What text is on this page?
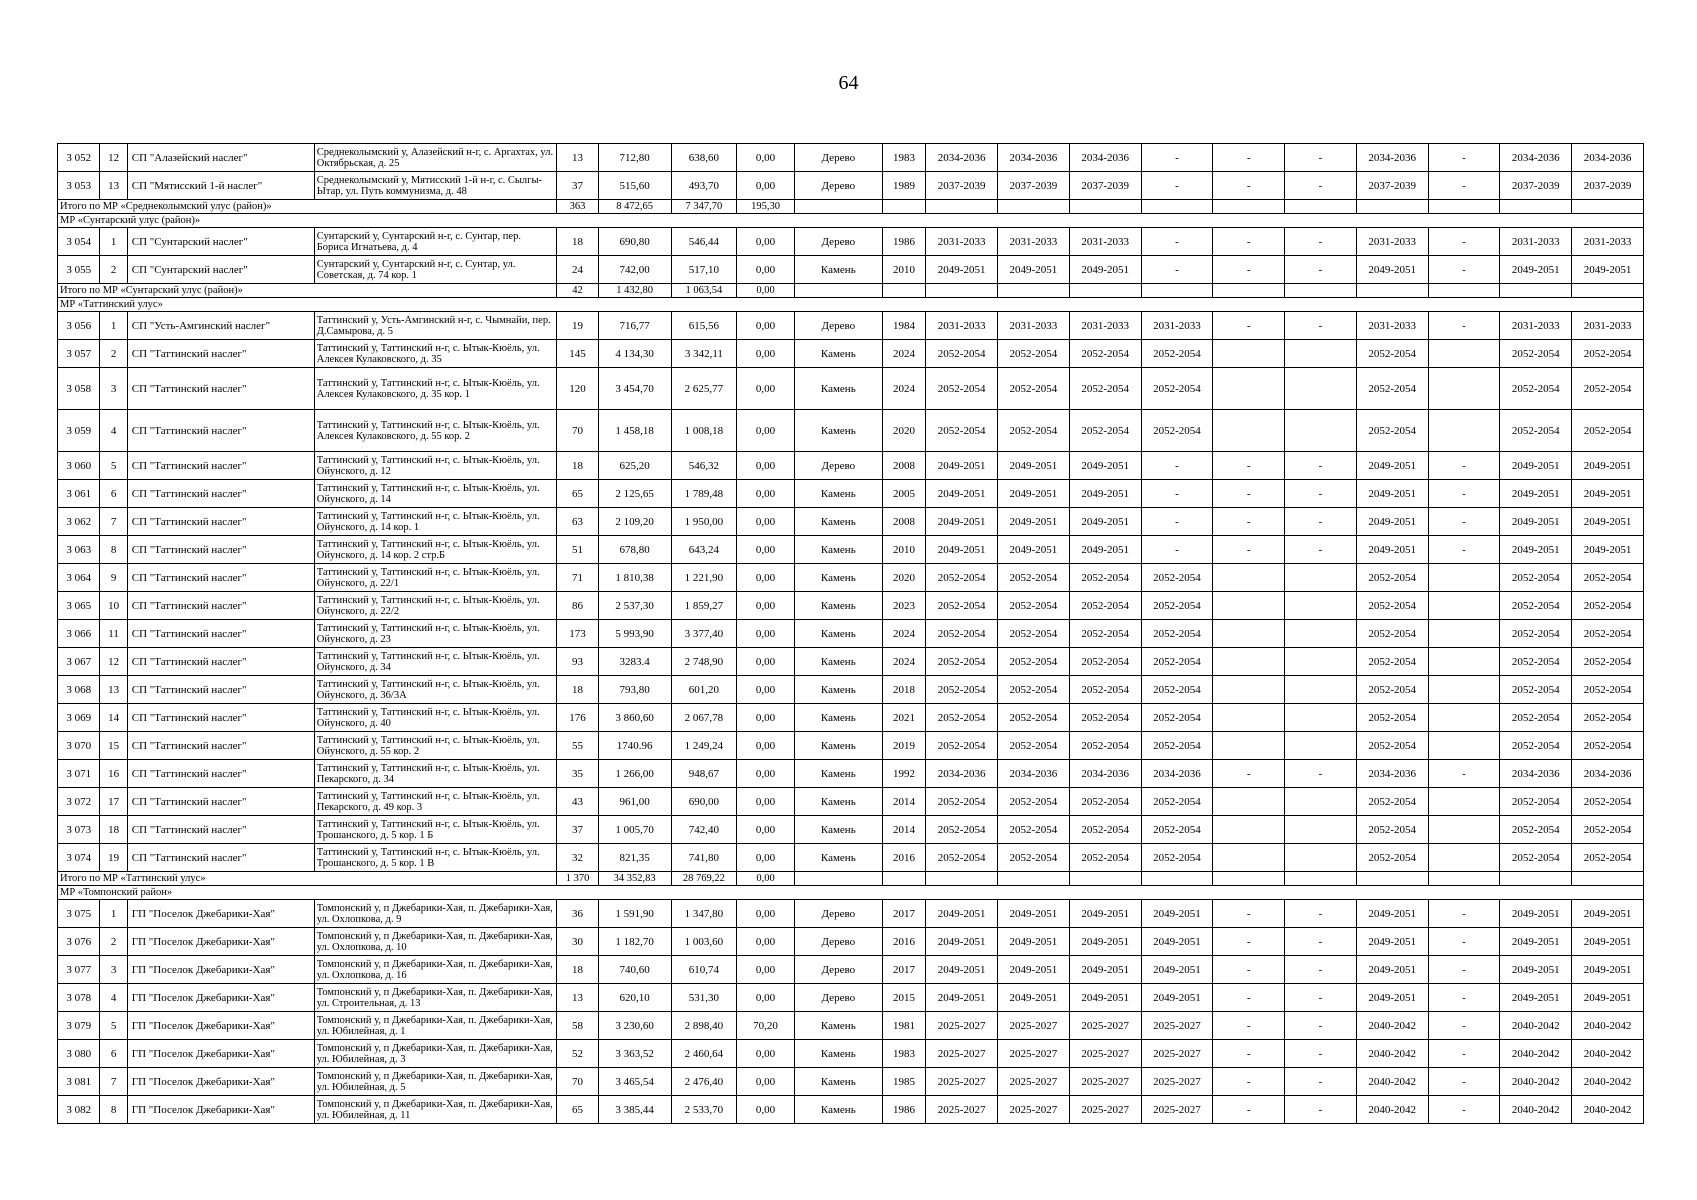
64
3 052	12	СП "Алазейский наслег"	Среднеколымский у, Алазейский н-г, с. Аргахтах, ул. Октябрьская, д. 25	13	712,80	638,60	0,00	Дерево	1983	2034-2036	2034-2036	2034-2036	-	-	-	2034-2036	-	2034-2036	2034-2036
3 053	13	СП "Мятисский 1-й наслег"	Среднеколымский у, Мятисский 1-й н-г, с. Сылгы-Ытар, ул. Путь коммунизма, д. 48	37	515,60	493,70	0,00	Дерево	1989	2037-2039	2037-2039	2037-2039	-	-	-	2037-2039	-	2037-2039	2037-2039
Итого по МР «Среднеколымский улус (район)»				363	8 472,65	7 347,70	195,30												
МР «Сунтарский улус (район)»																			
3 054	1	СП "Сунтарский наслег"	Сунтарский у, Сунтарский н-г, с. Сунтар, пер. Бориса Игнатьева, д. 4	18	690,80	546,44	0,00	Дерево	1986	2031-2033	2031-2033	2031-2033	-	-	-	2031-2033	-	2031-2033	2031-2033
3 055	2	СП "Сунтарский наслег"	Сунтарский у, Сунтарский н-г, с. Сунтар, ул. Советская, д. 74 кор. 1	24	742,00	517,10	0,00	Камень	2010	2049-2051	2049-2051	2049-2051	-	-	-	2049-2051	-	2049-2051	2049-2051
Итого по МР «Сунтарский улус (район)»				42	1 432,80	1 063,54	0,00												
МР «Таттинский улус»																			
3 056	1	СП "Усть-Амгинский наслег"	Таттинский у, Усть-Амгинский н-г, с. Чымнайи, пер. Д.Самырова, д. 5	19	716,77	615,56	0,00	Дерево	1984	2031-2033	2031-2033	2031-2033	2031-2033	-	-	2031-2033	-	2031-2033	2031-2033
3 057	2	СП "Таттинский наслег"	Таттинский у, Таттинский н-г, с. Ытык-Кюёль, ул. Алексея Кулаковского, д. 35	145	4 134,30	3 342,11	0,00	Камень	2024	2052-2054	2052-2054	2052-2054	2052-2054			2052-2054		2052-2054	2052-2054
3 058	3	СП "Таттинский наслег"	Таттинский у, Таттинский н-г, с. Ытык-Кюёль, ул. Алексея Кулаковского, д. 35 кор. 1	120	3 454,70	2 625,77	0,00	Камень	2024	2052-2054	2052-2054	2052-2054	2052-2054			2052-2054		2052-2054	2052-2054
3 059	4	СП "Таттинский наслег"	Таттинский у, Таттинский н-г, с. Ытык-Кюёль, ул. Алексея Кулаковского, д. 55 кор. 2	70	1 458,18	1 008,18	0,00	Камень	2020	2052-2054	2052-2054	2052-2054	2052-2054			2052-2054		2052-2054	2052-2054
3 060	5	СП "Таттинский наслег"	Таттинский у, Таттинский н-г, с. Ытык-Кюёль, ул. Ойунского, д. 12	18	625,20	546,32	0,00	Дерево	2008	2049-2051	2049-2051	2049-2051	-	-	-	2049-2051	-	2049-2051	2049-2051
3 061	6	СП "Таттинский наслег"	Таттинский у, Таттинский н-г, с. Ытык-Кюёль, ул. Ойунского, д. 14	65	2 125,65	1 789,48	0,00	Камень	2005	2049-2051	2049-2051	2049-2051	-	-	-	2049-2051	-	2049-2051	2049-2051
3 062	7	СП "Таттинский наслег"	Таттинский у, Таттинский н-г, с. Ытык-Кюёль, ул. Ойунского, д. 14 кор. 1	63	2 109,20	1 950,00	0,00	Камень	2008	2049-2051	2049-2051	2049-2051	-	-	-	2049-2051	-	2049-2051	2049-2051
3 063	8	СП "Таттинский наслег"	Таттинский у, Таттинский н-г, с. Ытык-Кюёль, ул. Ойунского, д. 14 кор. 2 стр.Б	51	678,80	643,24	0,00	Камень	2010	2049-2051	2049-2051	2049-2051	-	-	-	2049-2051	-	2049-2051	2049-2051
3 064	9	СП "Таттинский наслег"	Таттинский у, Таттинский н-г, с. Ытык-Кюёль, ул. Ойунского, д. 22/1	71	1 810,38	1 221,90	0,00	Камень	2020	2052-2054	2052-2054	2052-2054	2052-2054			2052-2054		2052-2054	2052-2054
3 065	10	СП "Таттинский наслег"	Таттинский у, Таттинский н-г, с. Ытык-Кюёль, ул. Ойунского, д. 22/2	86	2 537,30	1 859,27	0,00	Камень	2023	2052-2054	2052-2054	2052-2054	2052-2054			2052-2054		2052-2054	2052-2054
3 066	11	СП "Таттинский наслег"	Таттинский у, Таттинский н-г, с. Ытык-Кюёль, ул. Ойунского, д. 23	173	5 993,90	3 377,40	0,00	Камень	2024	2052-2054	2052-2054	2052-2054	2052-2054			2052-2054		2052-2054	2052-2054
3 067	12	СП "Таттинский наслег"	Таттинский у, Таттинский н-г, с. Ытык-Кюёль, ул. Ойунского, д. 34	93	3283.4	2 748,90	0,00	Камень	2024	2052-2054	2052-2054	2052-2054	2052-2054			2052-2054		2052-2054	2052-2054
3 068	13	СП "Таттинский наслег"	Таттинский у, Таттинский н-г, с. Ытык-Кюёль, ул. Ойунского, д. 36/3А	18	793,80	601,20	0,00	Камень	2018	2052-2054	2052-2054	2052-2054	2052-2054			2052-2054		2052-2054	2052-2054
3 069	14	СП "Таттинский наслег"	Таттинский у, Таттинский н-г, с. Ытык-Кюёль, ул. Ойунского, д. 40	176	3 860,60	2 067,78	0,00	Камень	2021	2052-2054	2052-2054	2052-2054	2052-2054			2052-2054		2052-2054	2052-2054
3 070	15	СП "Таттинский наслег"	Таттинский у, Таттинский н-г, с. Ытык-Кюёль, ул. Ойунского, д. 55 кор. 2	55	1740.96	1 249,24	0,00	Камень	2019	2052-2054	2052-2054	2052-2054	2052-2054			2052-2054		2052-2054	2052-2054
3 071	16	СП "Таттинский наслег"	Таттинский у, Таттинский н-г, с. Ытык-Кюёль, ул. Пекарского, д. 34	35	1 266,00	948,67	0,00	Камень	1992	2034-2036	2034-2036	2034-2036	2034-2036	-	-	2034-2036	-	2034-2036	2034-2036
3 072	17	СП "Таттинский наслег"	Таттинский у, Таттинский н-г, с. Ытык-Кюёль, ул. Пекарского, д. 49 кор. 3	43	961,00	690,00	0,00	Камень	2014	2052-2054	2052-2054	2052-2054	2052-2054			2052-2054		2052-2054	2052-2054
3 073	18	СП "Таттинский наслег"	Таттинский у, Таттинский н-г, с. Ытык-Кюёль, ул. Трошанского, д. 5 кор. 1 Б	37	1 005,70	742,40	0,00	Камень	2014	2052-2054	2052-2054	2052-2054	2052-2054			2052-2054		2052-2054	2052-2054
3 074	19	СП "Таттинский наслег"	Таттинский у, Таттинский н-г, с. Ытык-Кюёль, ул. Трошанского, д. 5 кор. 1 В	32	821,35	741,80	0,00	Камень	2016	2052-2054	2052-2054	2052-2054	2052-2054			2052-2054		2052-2054	2052-2054
Итого по МР «Таттинский улус»				1 370	34 352,83	28 769,22	0,00												
МР «Томпонский район»																			
3 075	1	ГП "Поселок Джебарики-Хая"	Томпонский у, п Джебарики-Хая, п. Джебарики-Хая, ул. Охлопкова, д. 9	36	1 591,90	1 347,80	0,00	Дерево	2017	2049-2051	2049-2051	2049-2051	2049-2051	-	-	2049-2051	-	2049-2051	2049-2051
3 076	2	ГП "Поселок Джебарики-Хая"	Томпонский у, п Джебарики-Хая, п. Джебарики-Хая, ул. Охлопкова, д. 10	30	1 182,70	1 003,60	0,00	Дерево	2016	2049-2051	2049-2051	2049-2051	2049-2051	-	-	2049-2051	-	2049-2051	2049-2051
3 077	3	ГП "Поселок Джебарики-Хая"	Томпонский у, п Джебарики-Хая, п. Джебарики-Хая, ул. Охлопкова, д. 16	18	740,60	610,74	0,00	Дерево	2017	2049-2051	2049-2051	2049-2051	2049-2051	-	-	2049-2051	-	2049-2051	2049-2051
3 078	4	ГП "Поселок Джебарики-Хая"	Томпонский у, п Джебарики-Хая, п. Джебарики-Хая, ул. Строительная, д. 13	13	620,10	531,30	0,00	Дерево	2015	2049-2051	2049-2051	2049-2051	2049-2051	-	-	2049-2051	-	2049-2051	2049-2051
3 079	5	ГП "Поселок Джебарики-Хая"	Томпонский у, п Джебарики-Хая, п. Джебарики-Хая, ул. Юбилейная, д. 1	58	3 230,60	2 898,40	70,20	Камень	1981	2025-2027	2025-2027	2025-2027	2025-2027	-	-	2040-2042	-	2040-2042	2040-2042
3 080	6	ГП "Поселок Джебарики-Хая"	Томпонский у, п Джебарики-Хая, п. Джебарики-Хая, ул. Юбилейная, д. 3	52	3 363,52	2 460,64	0,00	Камень	1983	2025-2027	2025-2027	2025-2027	2025-2027	-	-	2040-2042	-	2040-2042	2040-2042
3 081	7	ГП "Поселок Джебарики-Хая"	Томпонский у, п Джебарики-Хая, п. Джебарики-Хая, ул. Юбилейная, д. 5	70	3 465,54	2 476,40	0,00	Камень	1985	2025-2027	2025-2027	2025-2027	2025-2027	-	-	2040-2042	-	2040-2042	2040-2042
3 082	8	ГП "Поселок Джебарики-Хая"	Томпонский у, п Джебарики-Хая, п. Джебарики-Хая, ул. Юбилейная, д. 11	65	3 385,44	2 533,70	0,00	Камень	1986	2025-2027	2025-2027	2025-2027	2025-2027	-	-	2040-2042	-	2040-2042	2040-2042
